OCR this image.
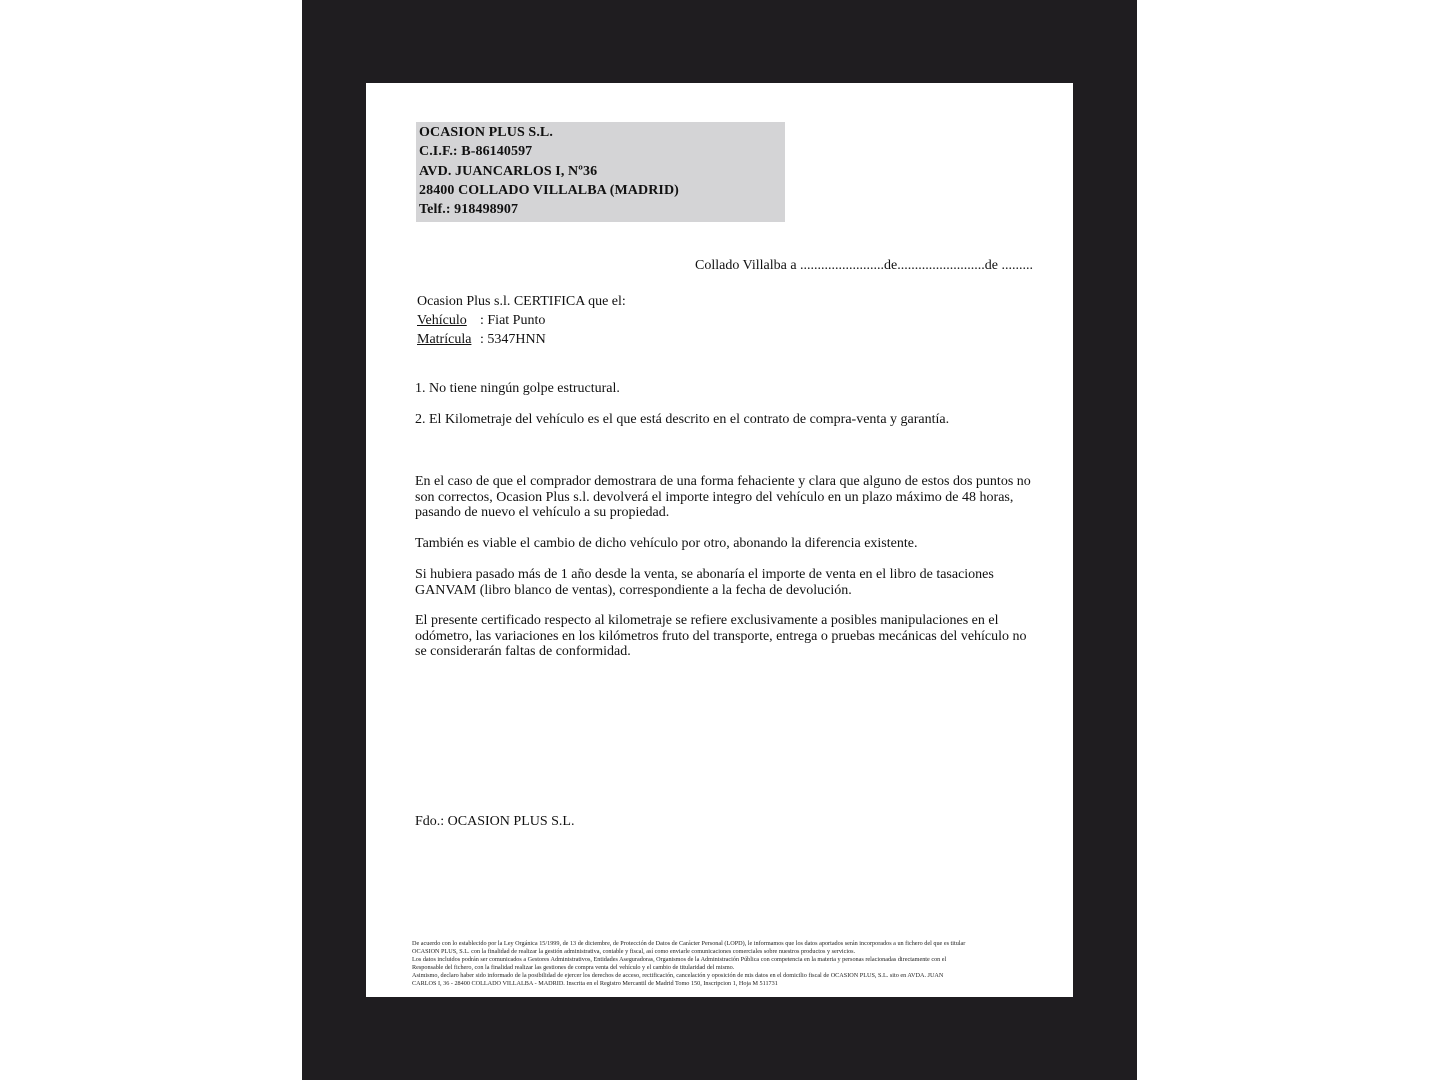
OCASION PLUS S.L.
C.I.F.: B-86140597
AVD. JUANCARLOS I, Nº36
28400 COLLADO VILLALBA (MADRID)
Telf.: 918498907
Collado Villalba a ........................de.........................de .........
Ocasion Plus s.l. CERTIFICA que el:
Vehículo : Fiat Punto
Matrícula : 5347HNN
1. No tiene ningún golpe estructural.
2. El Kilometraje del vehículo es el que está descrito en el contrato de compra-venta y garantía.
En el caso de que el comprador demostrara de una forma fehaciente y clara que alguno de estos dos puntos no
son correctos, Ocasion Plus s.l. devolverá el importe integro del vehículo en un plazo máximo de 48 horas,
pasando de nuevo el vehículo a su propiedad.
También es viable el cambio de dicho vehículo por otro, abonando la diferencia existente.
Si hubiera pasado más de 1 año desde la venta, se abonaría el importe de venta en el libro de tasaciones
GANVAM (libro blanco de ventas), correspondiente a la fecha de devolución.
El presente certificado respecto al kilometraje se refiere exclusivamente a posibles manipulaciones en el
odómetro, las variaciones en los kilómetros fruto del transporte, entrega o pruebas mecánicas del vehículo no
se considerarán faltas de conformidad.
Fdo.: OCASION PLUS S.L.
De acuerdo con lo establecido por la Ley Orgánica 15/1999, de 13 de diciembre, de Protección de Datos de Carácter Personal (LOPD), le informamos que los datos aportados serán incorporados a un fichero del que es titular
OCASION PLUS, S.L. con la finalidad de realizar la gestión administrativa, contable y fiscal, así como enviarle comunicaciones comerciales sobre nuestros productos y servicios.
Los datos incluidos podrán ser comunicados a Gestores Administrativos, Entidades Aseguradoras, Organismos de la Administración Pública con competencia en la materia y personas relacionadas directamente con el
Responsable del fichero, con la finalidad realizar las gestiones de compra venta del vehículo y el cambio de titularidad del mismo.
Asimismo, declaro haber sido informado de la posibilidad de ejercer los derechos de acceso, rectificación, cancelación y oposición de mis datos en el domicilio fiscal de OCASION PLUS, S.L. sito en AVDA. JUAN
CARLOS I, 36 - 28400 COLLADO VILLALBA - MADRID. Inscrita en el Registro Mercantil de Madrid Tomo 150, Inscripcion 1, Hoja M 511731
